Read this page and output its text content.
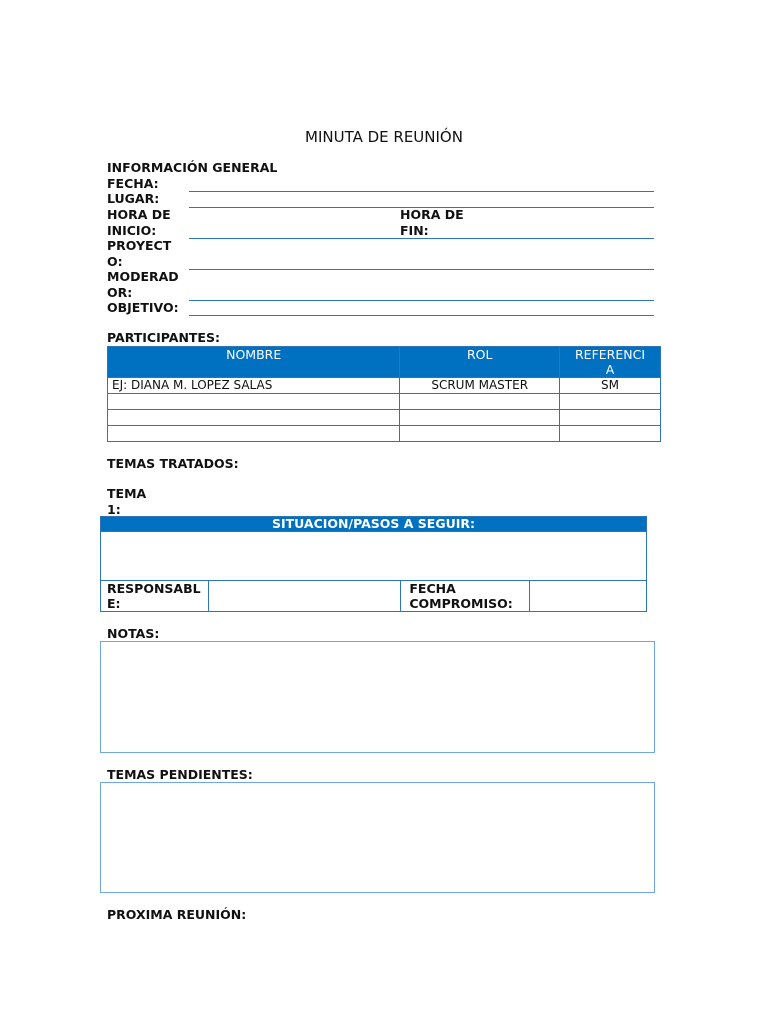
MINUTA DE REUNIÓN
INFORMACIÓN GENERAL
FECHA:
LUGAR:
HORA DE
INICIO:
HORA DE
FIN:
PROYECT
O:
MODERAD
OR:
OBJETIVO:
PARTICIPANTES:
NOMBRE	ROL	REFERENCI
A
EJ: DIANA M. LOPEZ SALAS	SCRUM MASTER	SM

TEMAS TRATADOS:
TEMA
1:
SITUACION/PASOS A SEGUIR:

RESPONSABL
E:		FECHA
COMPROMISO:	
NOTAS:
TEMAS PENDIENTES:
PROXIMA REUNIÓN:
